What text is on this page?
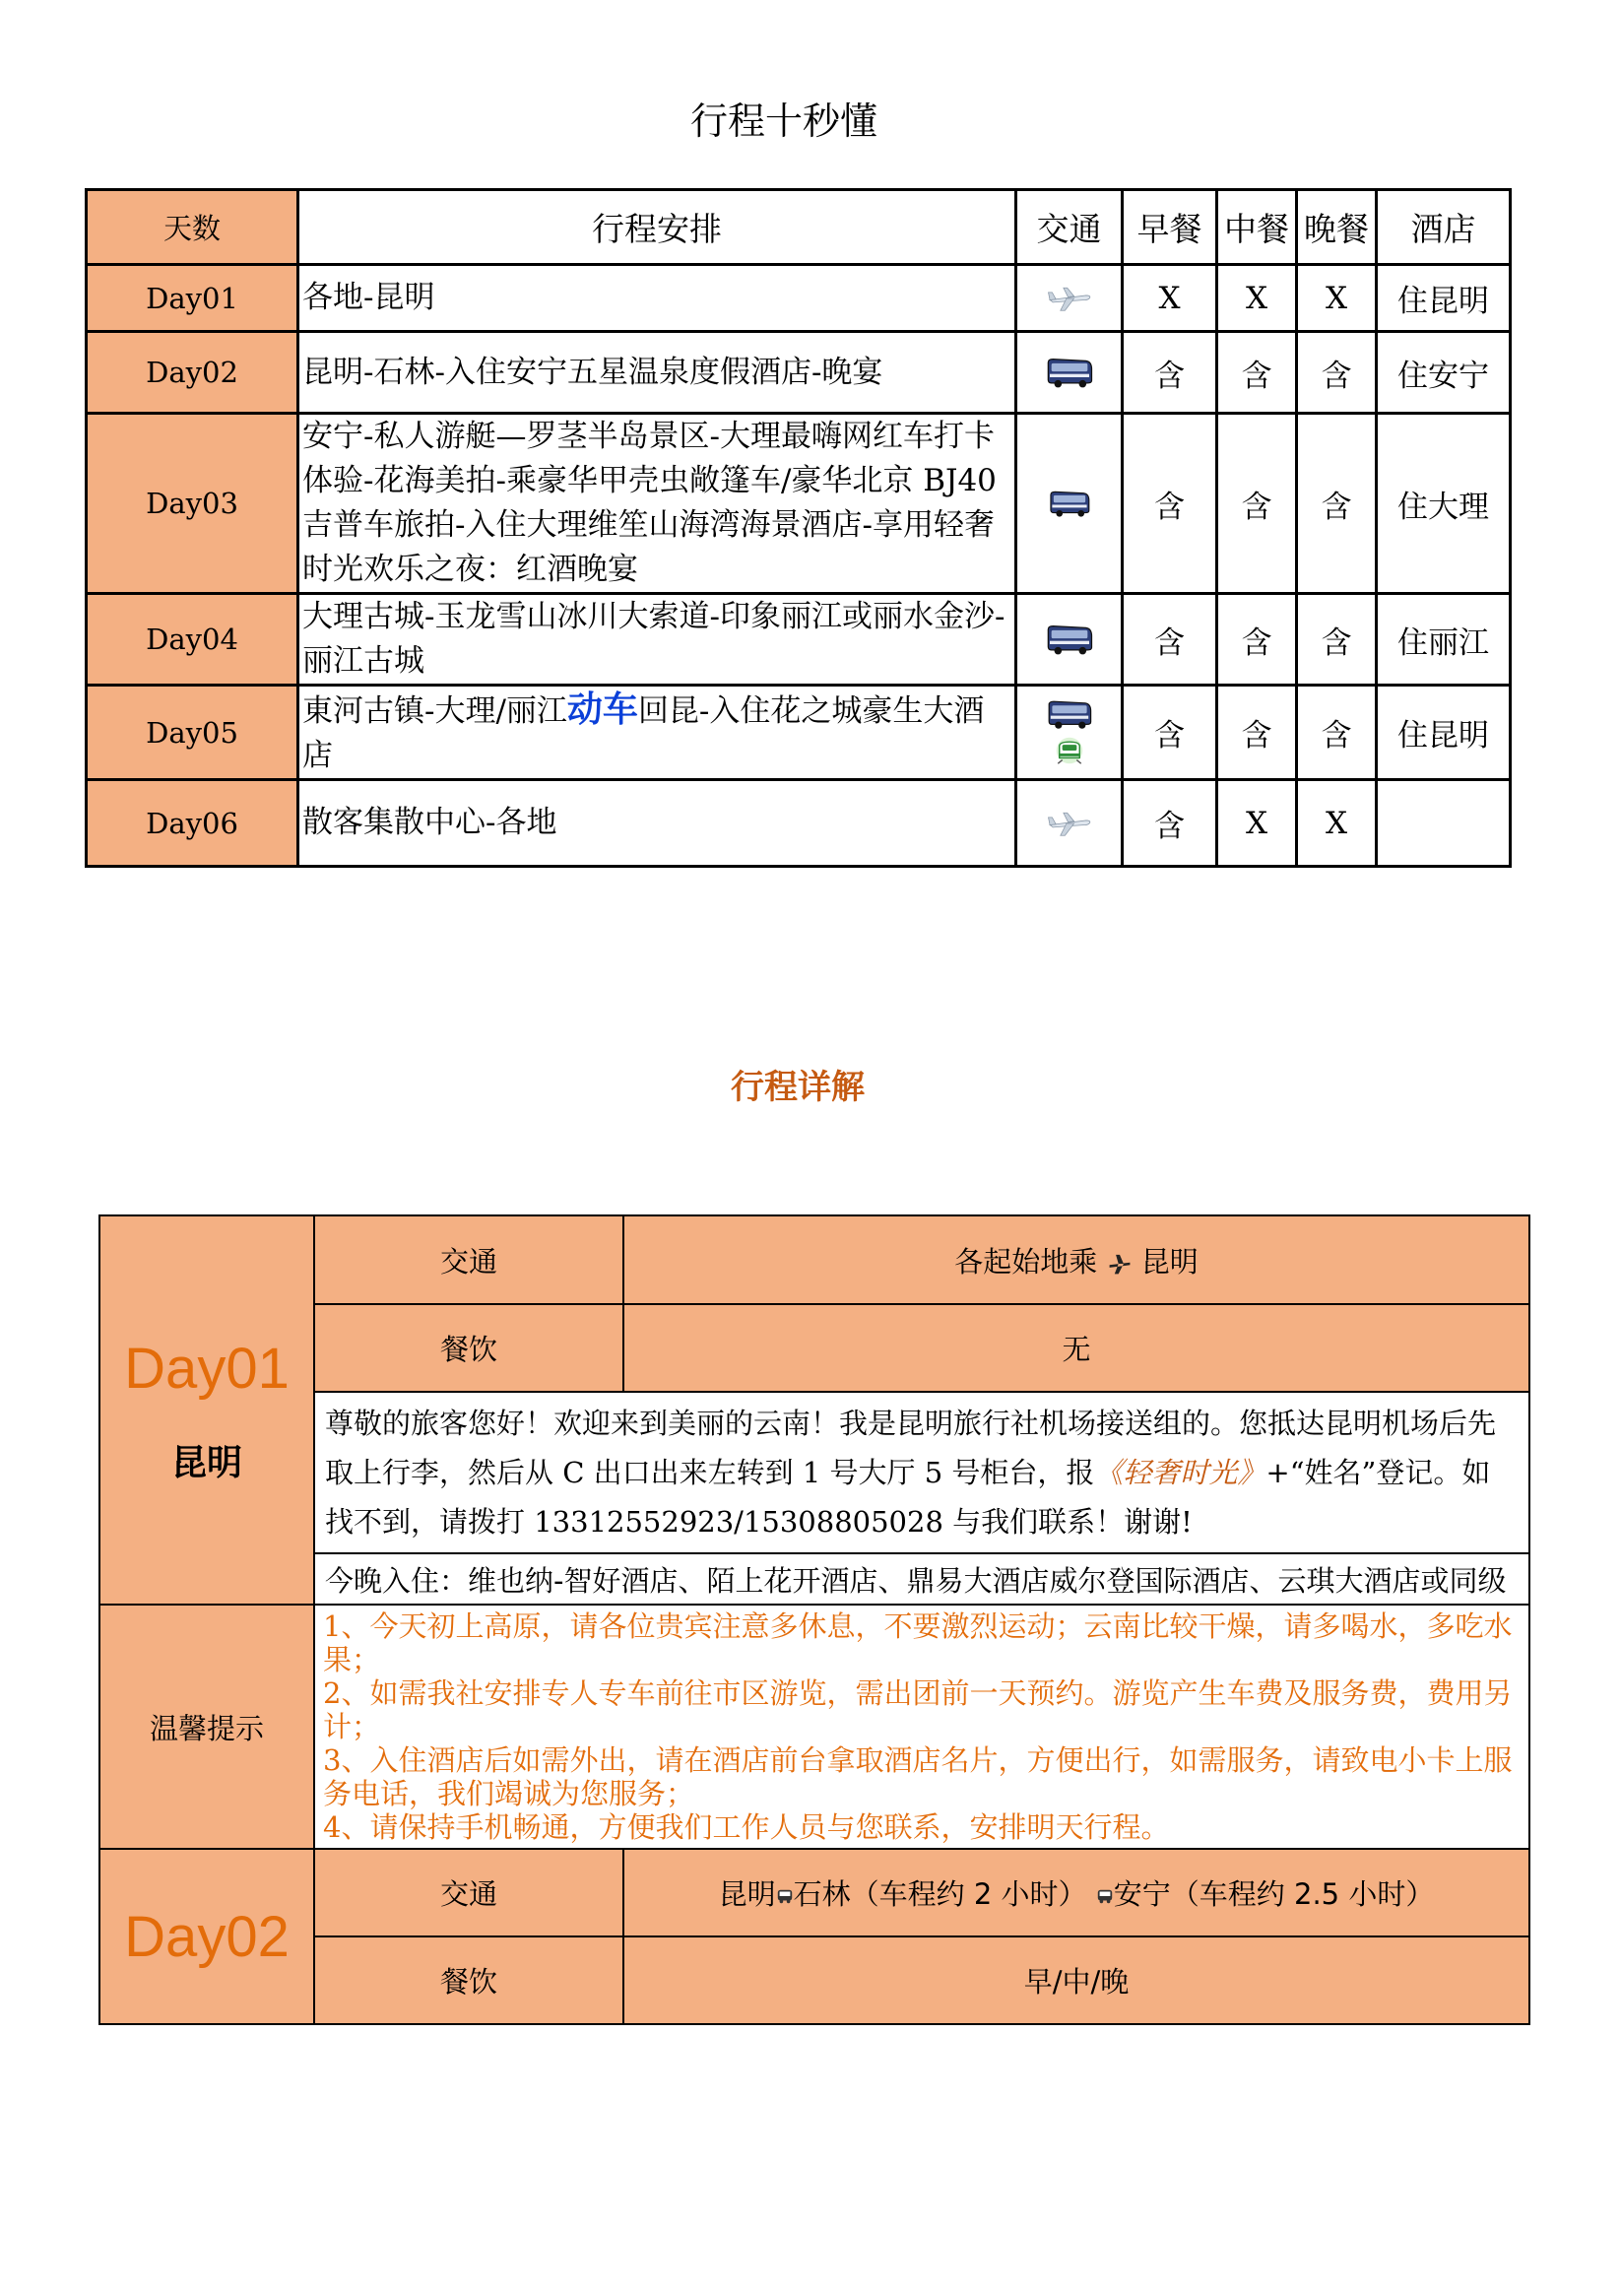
行程十秒懂
天数	行程安排	交通	早餐	中餐	晚餐	酒店
Day01	各地-昆明		X	X	X	住昆明
Day02	昆明-石林-入住安宁五星温泉度假酒店-晚宴		含	含	含	住安宁
Day03	安宁-私人游艇—罗茎半岛景区-大理最嗨网红车打卡体验-花海美拍-乘豪华甲壳虫敞篷车/豪华北京 BJ40 吉普车旅拍-入住大理维笙山海湾海景酒店-享用轻奢时光欢乐之夜：红酒晚宴		含	含	含	住大理
Day04	大理古城-玉龙雪山冰川大索道-印象丽江或丽水金沙-丽江古城		含	含	含	住丽江
Day05	東河古镇-大理/丽江动车回昆-入住花之城豪生大酒店		含	含	含	住昆明
Day06	散客集散中心-各地		含	X	X	
行程详解
Day01
昆明	交通	各起始地乘 昆明
	餐饮	无
	尊敬的旅客您好！欢迎来到美丽的云南！我是昆明旅行社机场接送组的。您抵达昆明机场后先取上行李，然后从 C 出口出来左转到 1 号大厅 5 号柜台，报《轻奢时光》+“姓名”登记。如找不到，请拨打 13312552923/15308805028 与我们联系！谢谢!	
	今晚入住：维也纳-智好酒店、陌上花开酒店、鼎易大酒店威尔登国际酒店、云琪大酒店或同级	
温馨提示	1、今天初上高原，请各位贵宾注意多休息，不要激烈运动；云南比较干燥，请多喝水，多吃水果；
2、如需我社安排专人专车前往市区游览，需出团前一天预约。游览产生车费及服务费，费用另计；
3、入住酒店后如需外出，请在酒店前台拿取酒店名片，方便出行，如需服务，请致电小卡上服务电话，我们竭诚为您服务；
4、请保持手机畅通，方便我们工作人员与您联系，安排明天行程。	

Day02	交通	昆明 石林（车程约 2 小时） 安宁（车程约 2.5 小时）
	餐饮	早/中/晚
